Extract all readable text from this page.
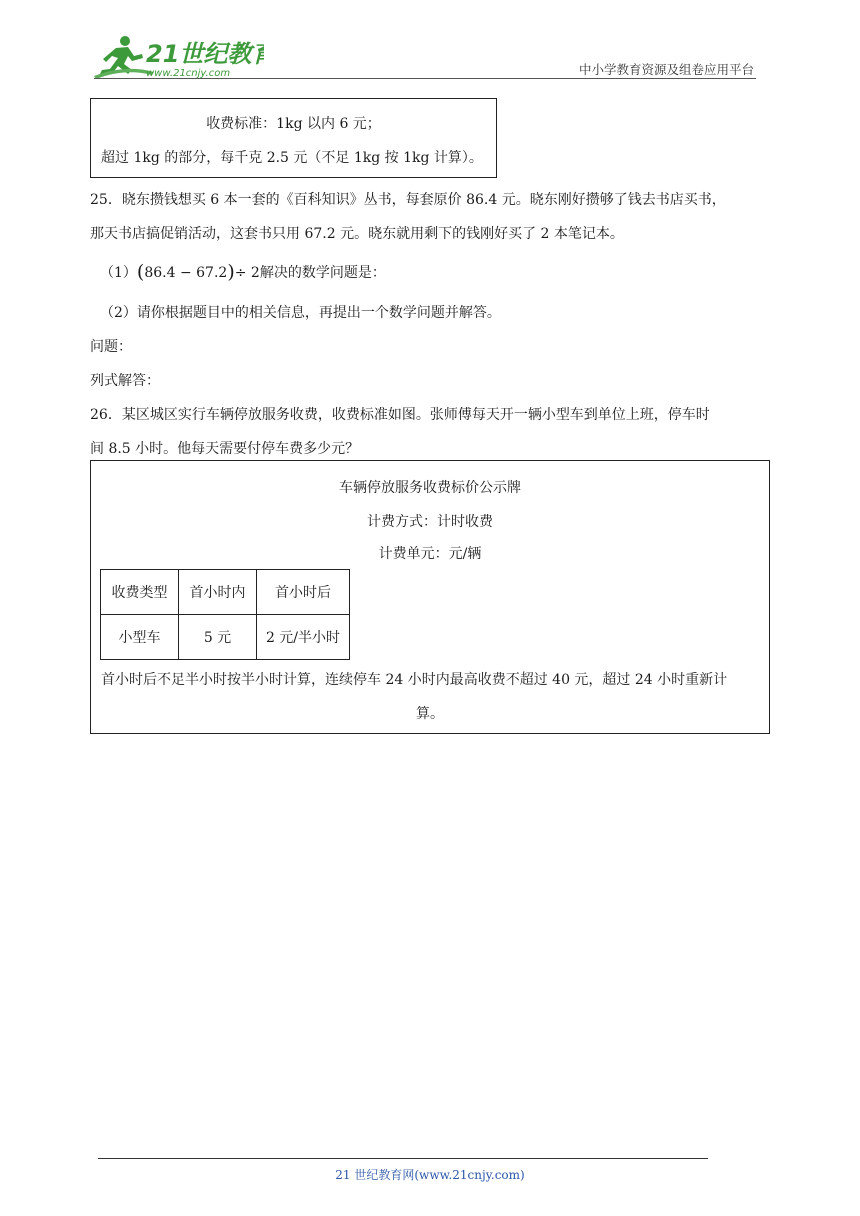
21世纪教育
www.21cnjy.com	中小学教育资源及组卷应用平台
收费标准：1kg 以内 6 元；
超过 1kg 的部分，每千克 2.5 元（不足 1kg 按 1kg 计算）。
25．晓东攒钱想买 6 本一套的《百科知识》丛书，每套原价 86.4 元。晓东刚好攒够了钱去书店买书，
那天书店搞促销活动，这套书只用 67.2 元。晓东就用剩下的钱刚好买了 2 本笔记本。
（1）(86.4 − 67.2)÷ 2解决的数学问题是：
（2）请你根据题目中的相关信息，再提出一个数学问题并解答。
问题：
列式解答：
26．某区城区实行车辆停放服务收费，收费标准如图。张师傅每天开一辆小型车到单位上班，停车时
间 8.5 小时。他每天需要付停车费多少元？
车辆停放服务收费标价公示牌
计费方式：计时收费
计费单元：元/辆
收费类型	首小时内	首小时后
小型车	5 元	2 元/半小时
首小时后不足半小时按半小时计算，连续停车 24 小时内最高收费不超过 40 元，超过 24 小时重新计
算。
21 世纪教育网(www.21cnjy.com)
